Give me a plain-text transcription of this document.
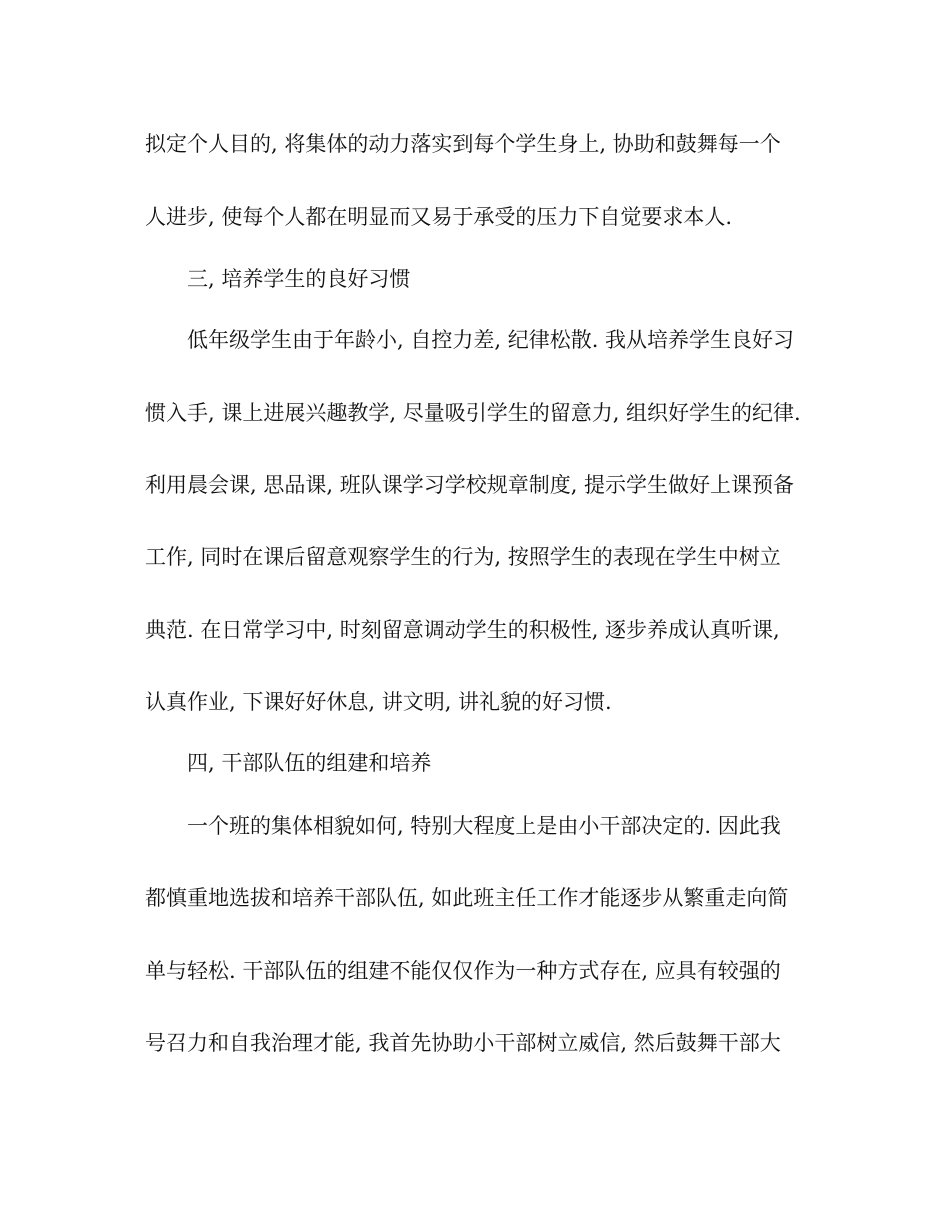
拟定个人目的, 将集体的动力落实到每个学生身上, 协助和鼓舞每一个
人进步, 使每个人都在明显而又易于承受的压力下自觉要求本人.
三, 培养学生的良好习惯
低年级学生由于年龄小, 自控力差, 纪律松散. 我从培养学生良好习
惯入手, 课上进展兴趣教学, 尽量吸引学生的留意力, 组织好学生的纪律.
利用晨会课, 思品课, 班队课学习学校规章制度, 提示学生做好上课预备
工作, 同时在课后留意观察学生的行为, 按照学生的表现在学生中树立
典范. 在日常学习中, 时刻留意调动学生的积极性, 逐步养成认真听课,
认真作业, 下课好好休息, 讲文明, 讲礼貌的好习惯.
四, 干部队伍的组建和培养
一个班的集体相貌如何, 特别大程度上是由小干部决定的. 因此我
都慎重地选拔和培养干部队伍, 如此班主任工作才能逐步从繁重走向简
单与轻松. 干部队伍的组建不能仅仅作为一种方式存在, 应具有较强的
号召力和自我治理才能, 我首先协助小干部树立威信, 然后鼓舞干部大
